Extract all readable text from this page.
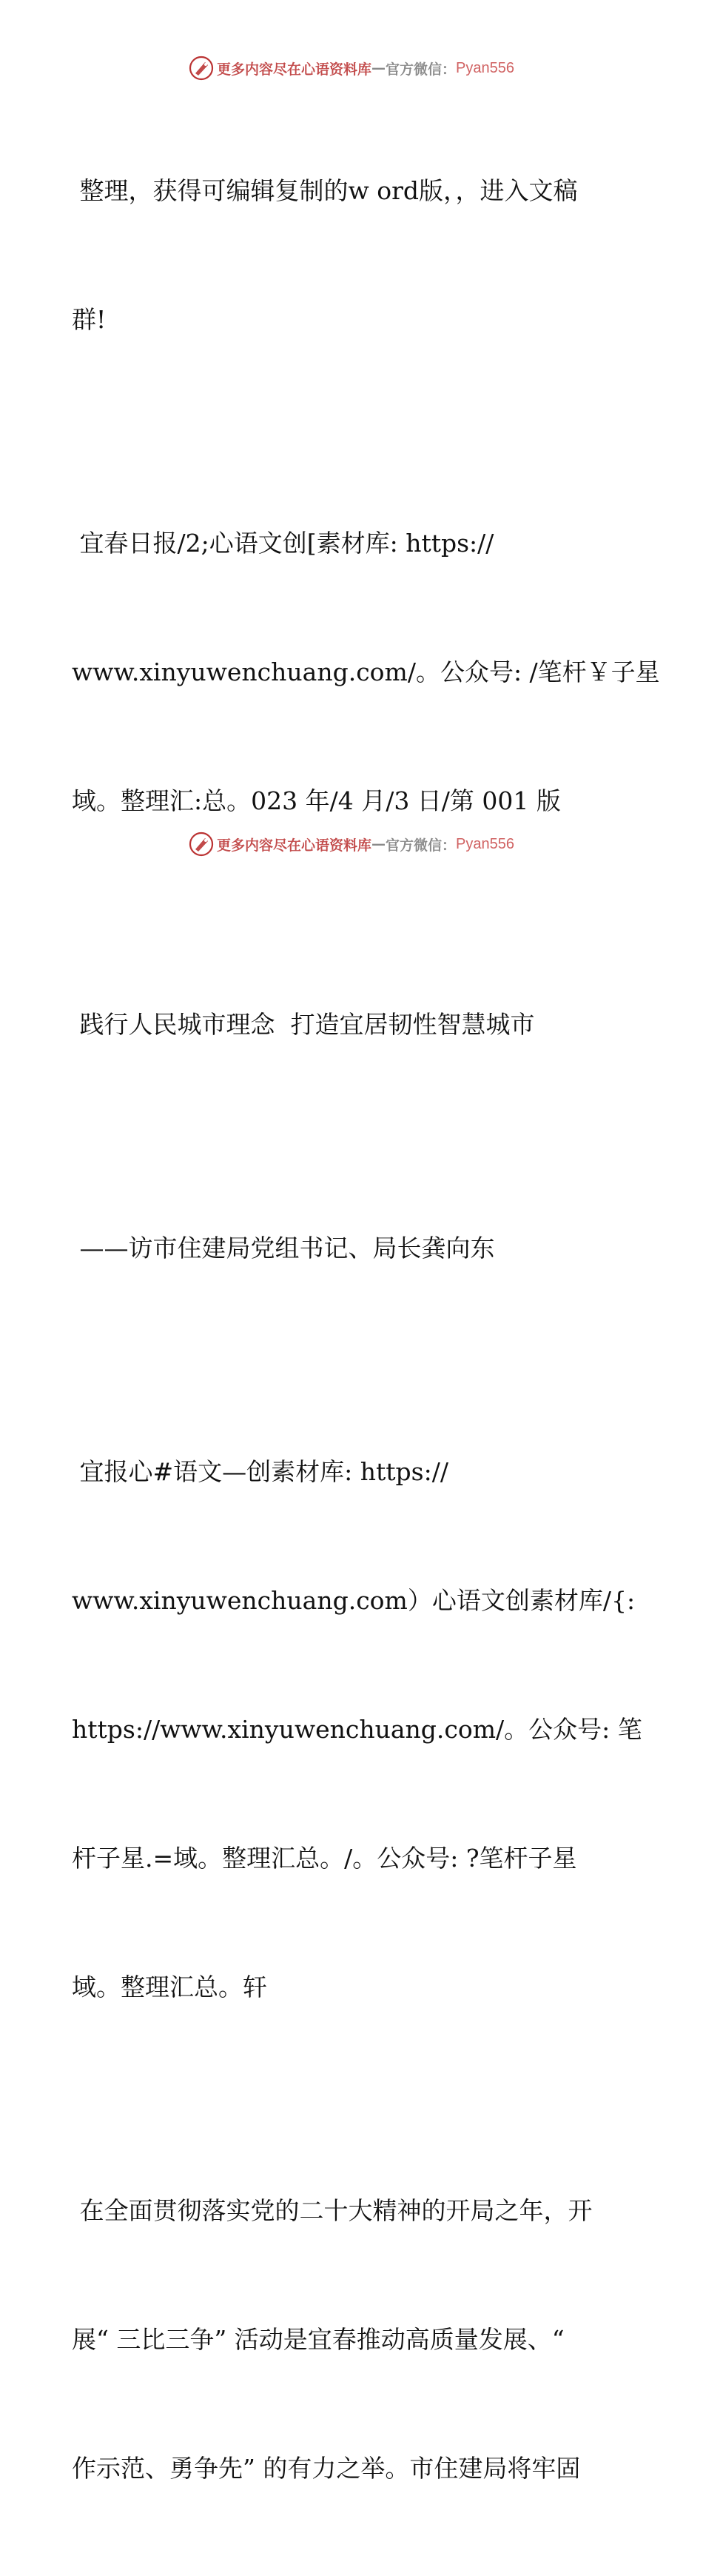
更多内容尽在心语资料库 — 官方微信： Pyan556

整理，获得可编辑复制的w ord版，，进入文稿

群!

宜春日报/2;心语文创[素材库: https://

www.xinyuwenchuang.com/。公众号: /笔杆￥子星

域。整理汇:总。023 年/4 月/3 日/第 001 版

践行人民城市理念  打造宜居韧性智慧城市

——访市住建局党组书记、局长龚向东

宜报心#语文—创素材库: https://

www.xinyuwenchuang.com）心语文创素材库/{:

https://www.xinyuwenchuang.com/。公众号: 笔

杆子星.=域。整理汇总。/。公众号: ?笔杆子星

域。整理汇总。轩

在全面贯彻落实党的二十大精神的开局之年，开

展“ 三比三争” 活动是宜春推动高质量发展、“

作示范、勇争先” 的有力之举。市住建局将牢固

更多内容尽在心语资料库 — 官方微信： Pyan556
